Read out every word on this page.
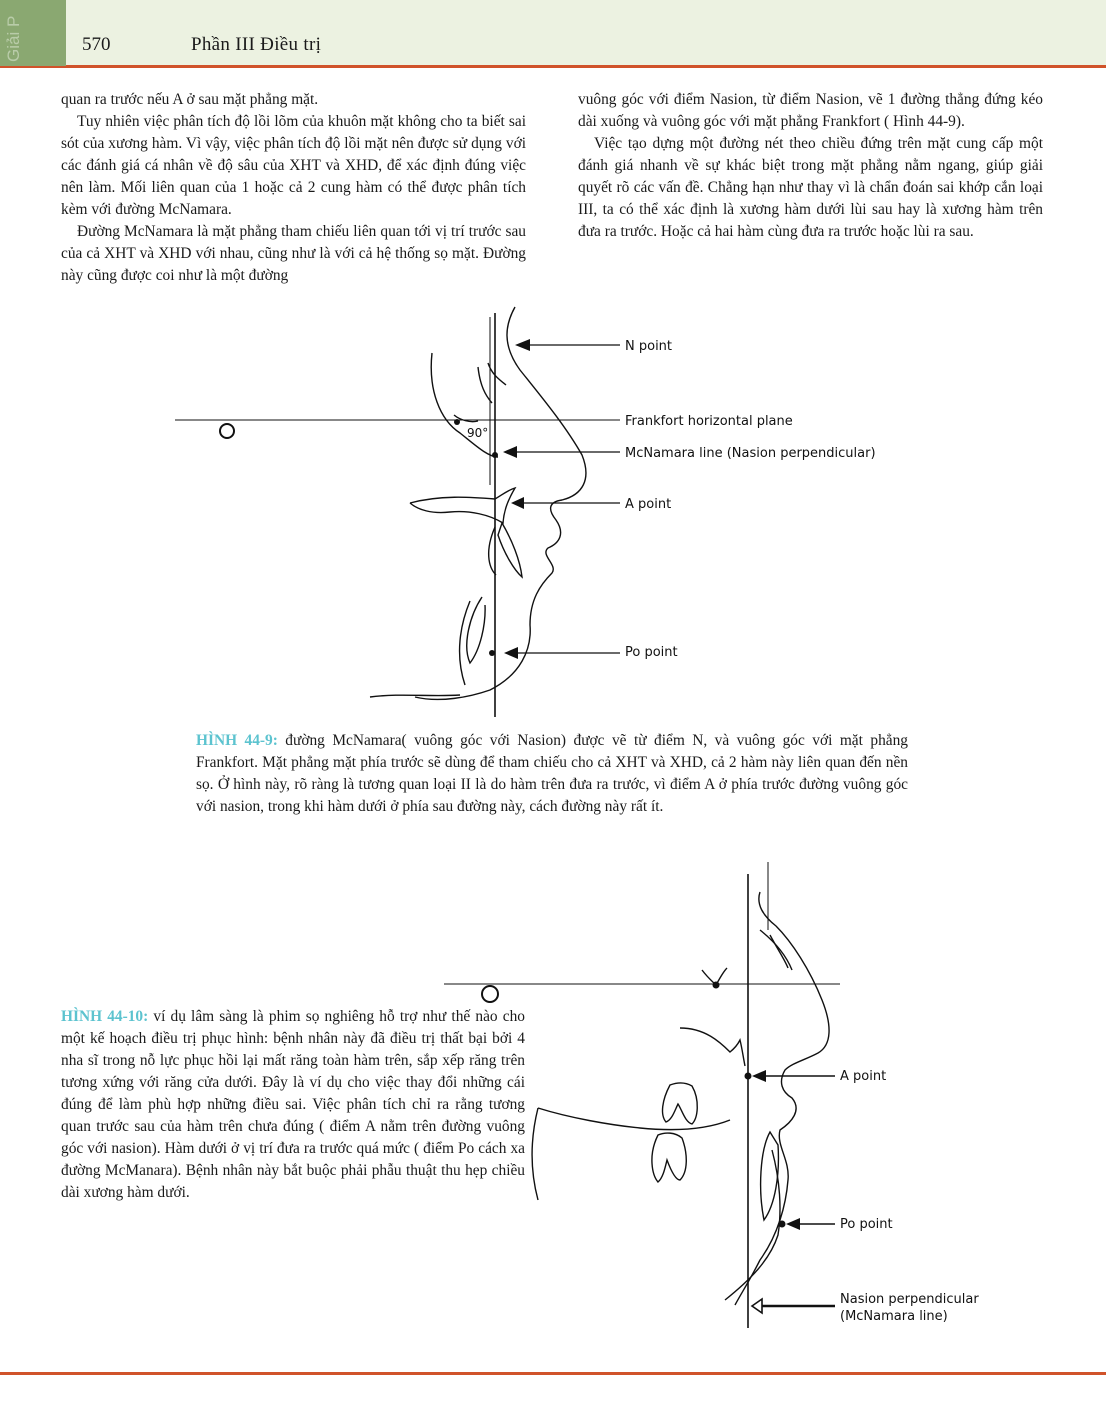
Giải P	570	Phần III Điều trị

quan ra trước nếu A ở sau mặt phẳng mặt.

Tuy nhiên việc phân tích độ lồi lõm của khuôn mặt không cho ta biết sai sót của xương hàm. Vì vậy, việc phân tích độ lồi mặt nên được sử dụng với các đánh giá cá nhân về độ sâu của XHT và XHD, để xác định đúng việc nên làm. Mối liên quan của 1 hoặc cả 2 cung hàm có thể được phân tích kèm với đường McNamara.

Đường McNamara là mặt phẳng tham chiếu liên quan tới vị trí trước sau của cả XHT và XHD với nhau, cũng như là với cả hệ thống sọ mặt. Đường này cũng được coi như là một đường

vuông góc với điểm Nasion, từ điểm Nasion, vẽ 1 đường thẳng đứng kéo dài xuống và vuông góc với mặt phẳng Frankfort ( Hình 44-9).

Việc tạo dựng một đường nét theo chiều đứng trên mặt cung cấp một đánh giá nhanh về sự khác biệt trong mặt phẳng nằm ngang, giúp giải quyết rõ các vấn đề. Chẳng hạn như thay vì là chẩn đoán sai khớp cắn loại III, ta có thể xác định là xương hàm dưới lùi sau hay là xương hàm trên đưa ra trước. Hoặc cả hai hàm cùng đưa ra trước hoặc lùi ra sau.

N point
Frankfort horizontal plane
McNamara line (Nasion perpendicular)
A point
Po point
90°
HÌNH 44-9: đường McNamara( vuông góc với Nasion) được vẽ từ điểm N, và vuông góc với mặt phẳng Frankfort. Mặt phẳng mặt phía trước sẽ dùng để tham chiếu cho cả XHT và XHD, cả 2 hàm này liên quan đến nền sọ. Ở hình này, rõ ràng là tương quan loại II là do hàm trên đưa ra trước, vì điểm A ở phía trước đường vuông góc với nasion, trong khi hàm dưới ở phía sau đường này, cách đường này rất ít.
A point
Po point
Nasion perpendicular
(McNamara line)
HÌNH 44-10: ví dụ lâm sàng là phim sọ nghiêng hỗ trợ như thế nào cho một kế hoạch điều trị phục hình: bệnh nhân này đã điều trị thất bại bởi 4 nha sĩ trong nỗ lực phục hồi lại mất răng toàn hàm trên, sắp xếp răng trên tương xứng với răng cửa dưới. Đây là ví dụ cho việc thay đổi những cái đúng để làm phù hợp những điều sai. Việc phân tích chỉ ra rằng tương quan trước sau của hàm trên chưa đúng ( điểm A nằm trên đường vuông góc với nasion). Hàm dưới ở vị trí đưa ra trước quá mức ( điểm Po cách xa đường McManara). Bệnh nhân này bắt buộc phải phẫu thuật thu hẹp chiều dài xương hàm dưới.
